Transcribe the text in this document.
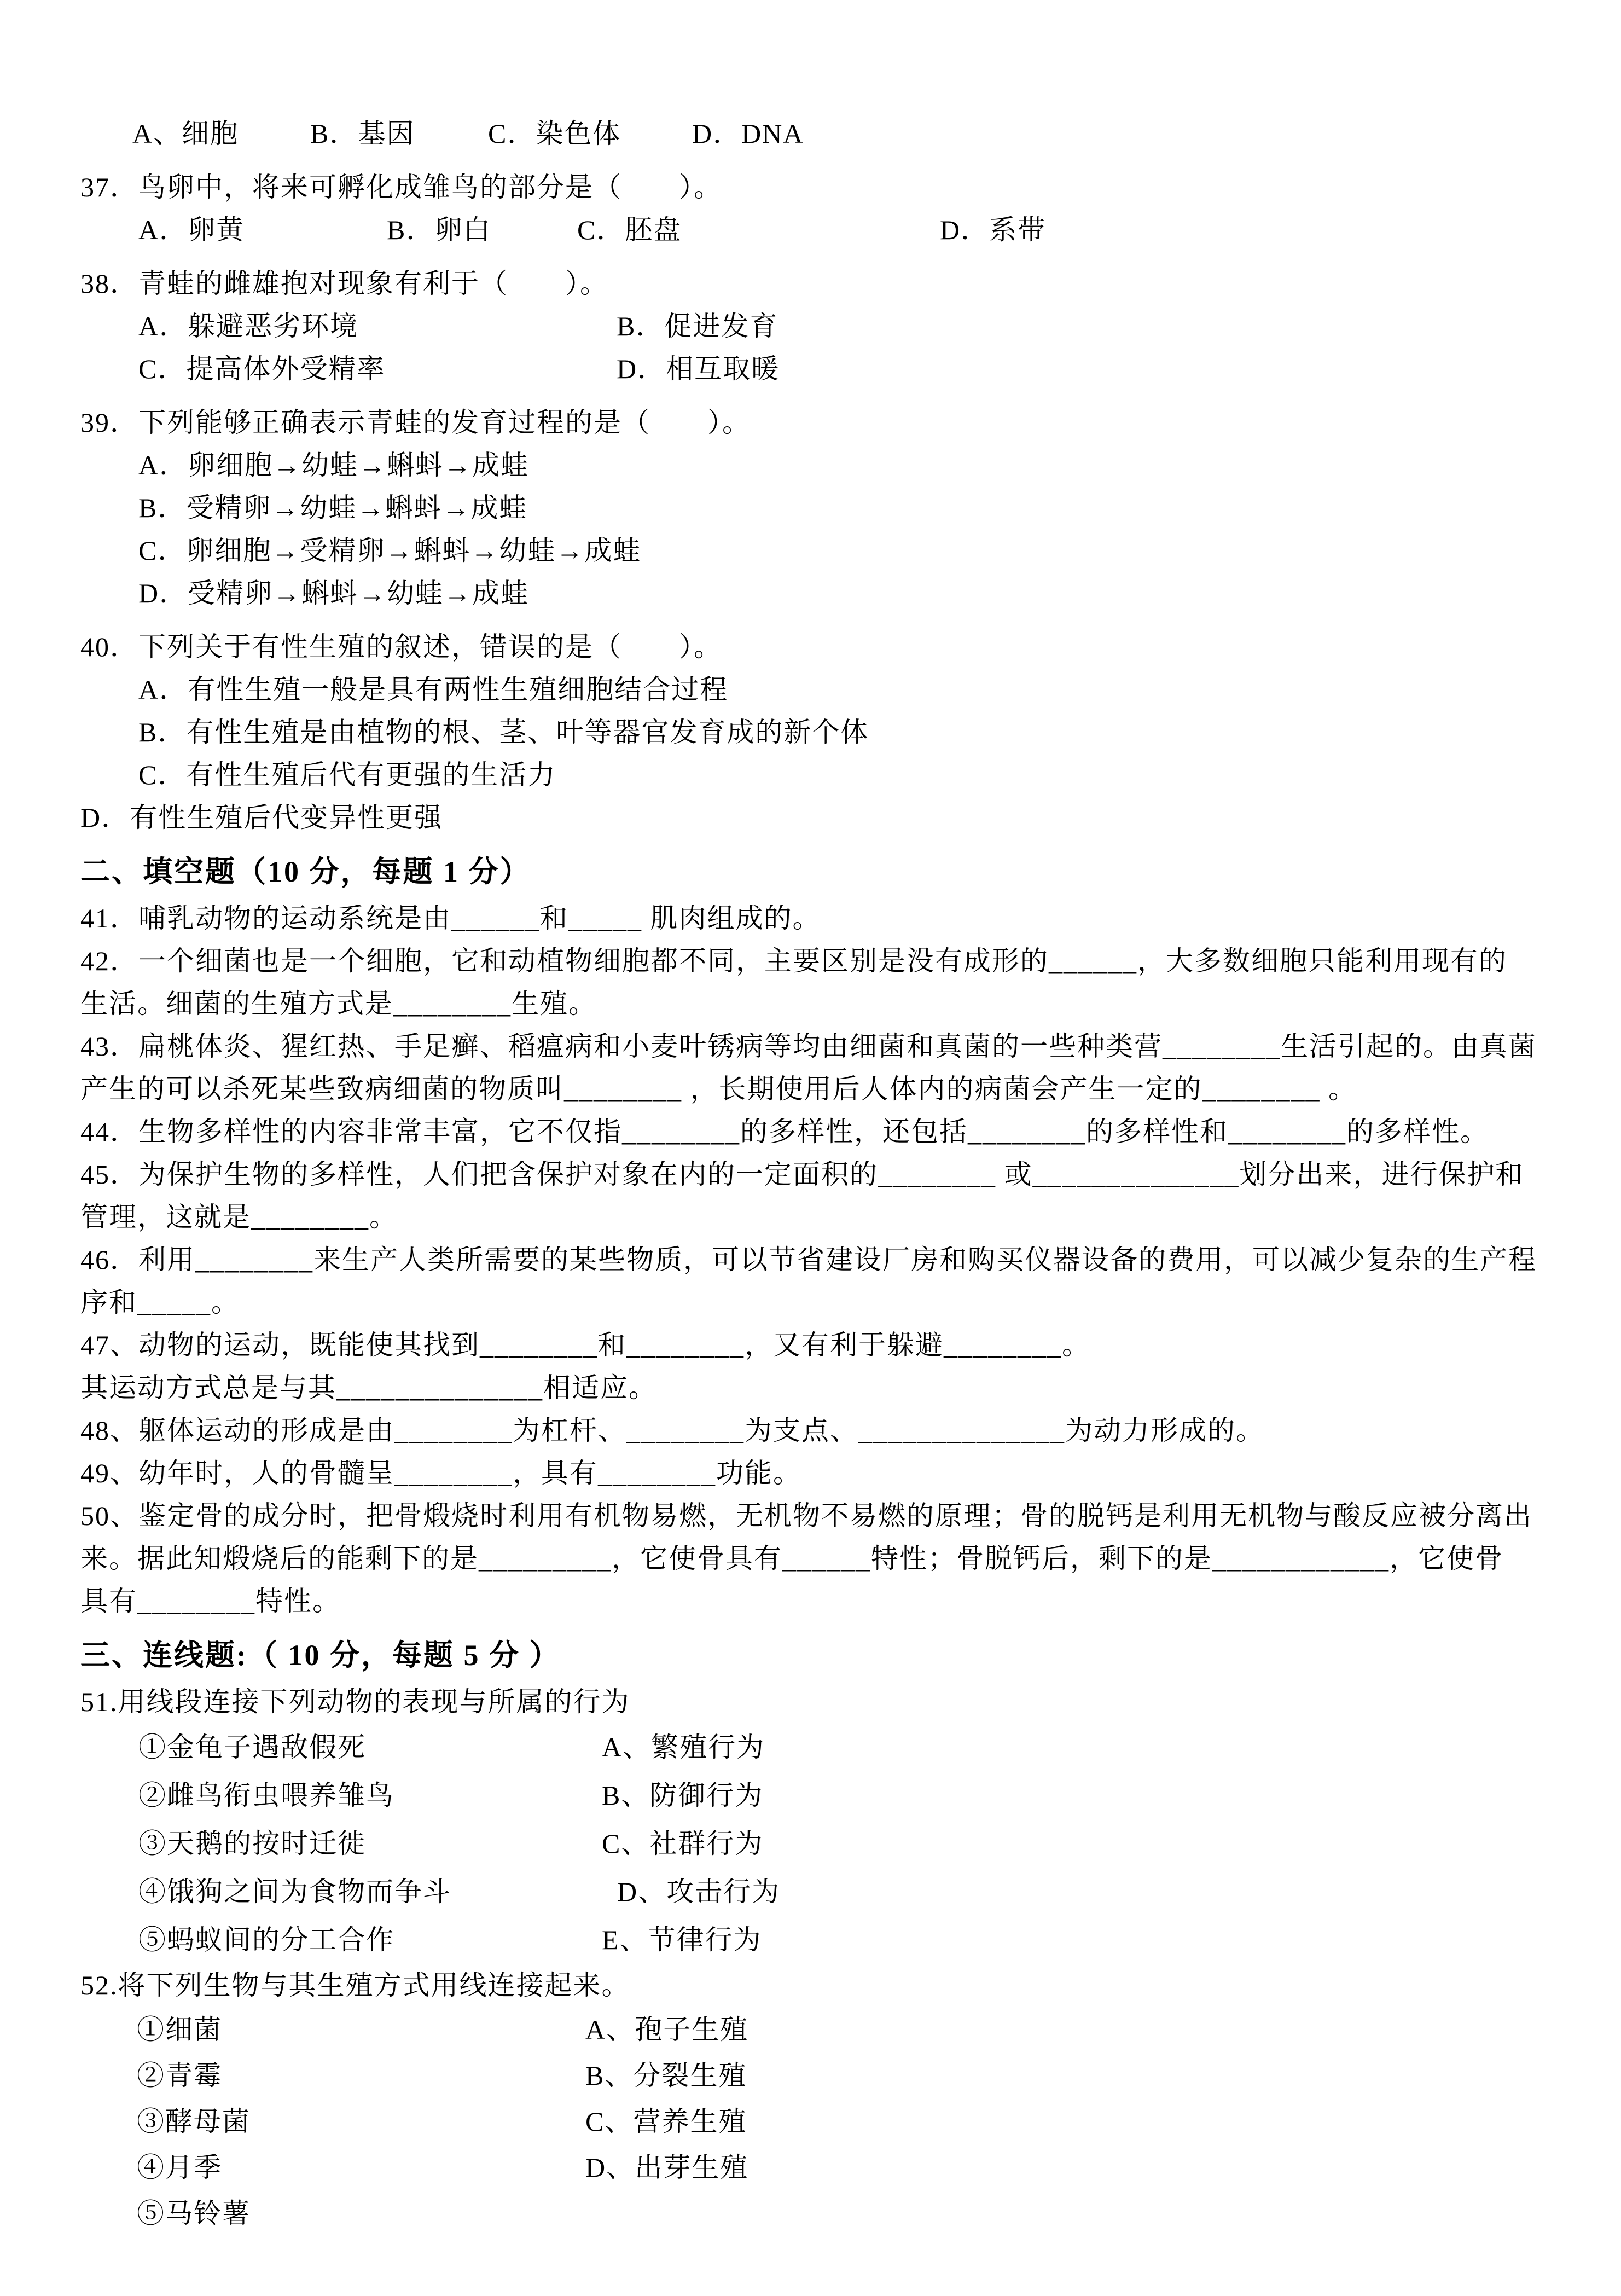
A、细胞	B．基因	C．染色体	D．DNA
37．鸟卵中，将来可孵化成雏鸟的部分是（　　）。
A．卵黄	B．卵白	C．胚盘	D．系带
38．青蛙的雌雄抱对现象有利于（　　）。
A．躲避恶劣环境	B．促进发育
C．提高体外受精率	D．相互取暖
39．下列能够正确表示青蛙的发育过程的是（　　）。
A．卵细胞→幼蛙→蝌蚪→成蛙
B．受精卵→幼蛙→蝌蚪→成蛙
C．卵细胞→受精卵→蝌蚪→幼蛙→成蛙
D．受精卵→蝌蚪→幼蛙→成蛙
40．下列关于有性生殖的叙述，错误的是（　　）。
A．有性生殖一般是具有两性生殖细胞结合过程
B．有性生殖是由植物的根、茎、叶等器官发育成的新个体
C．有性生殖后代有更强的生活力
D．有性生殖后代变异性更强
二、填空题（10 分，每题 1 分）
41．哺乳动物的运动系统是由______和_____ 肌肉组成的。
42．一个细菌也是一个细胞，它和动植物细胞都不同，主要区别是没有成形的______，大多数细胞只能利用现有的
生活。细菌的生殖方式是________生殖。
43．扁桃体炎、猩红热、手足癣、稻瘟病和小麦叶锈病等均由细菌和真菌的一些种类营________生活引起的。由真菌
产生的可以杀死某些致病细菌的物质叫________ ，长期使用后人体内的病菌会产生一定的________ 。
44．生物多样性的内容非常丰富，它不仅指________的多样性，还包括________的多样性和________的多样性。
45．为保护生物的多样性，人们把含保护对象在内的一定面积的________ 或______________划分出来，进行保护和
管理，这就是________。
46．利用________来生产人类所需要的某些物质，可以节省建设厂房和购买仪器设备的费用，可以减少复杂的生产程
序和_____。
47、动物的运动，既能使其找到________和________，又有利于躲避________。
其运动方式总是与其______________相适应。
48、躯体运动的形成是由________为杠杆、________为支点、______________为动力形成的。
49、幼年时，人的骨髓呈________，具有________功能。
50、鉴定骨的成分时，把骨煅烧时利用有机物易燃，无机物不易燃的原理；骨的脱钙是利用无机物与酸反应被分离出
来。据此知煅烧后的能剩下的是_________，它使骨具有______特性；骨脱钙后，剩下的是____________，它使骨
具有________特性。
三、连线题:（ 10 分，每题 5 分 ）
51.用线段连接下列动物的表现与所属的行为
①金龟子遇敌假死	A、繁殖行为
②雌鸟衔虫喂养雏鸟	B、防御行为
③天鹅的按时迁徙	C、社群行为
④饿狗之间为食物而争斗	D、攻击行为
⑤蚂蚁间的分工合作	E、节律行为
52.将下列生物与其生殖方式用线连接起来。
①细菌	A、孢子生殖
②青霉	B、分裂生殖
③酵母菌	C、营养生殖
④月季	D、出芽生殖
⑤马铃薯
